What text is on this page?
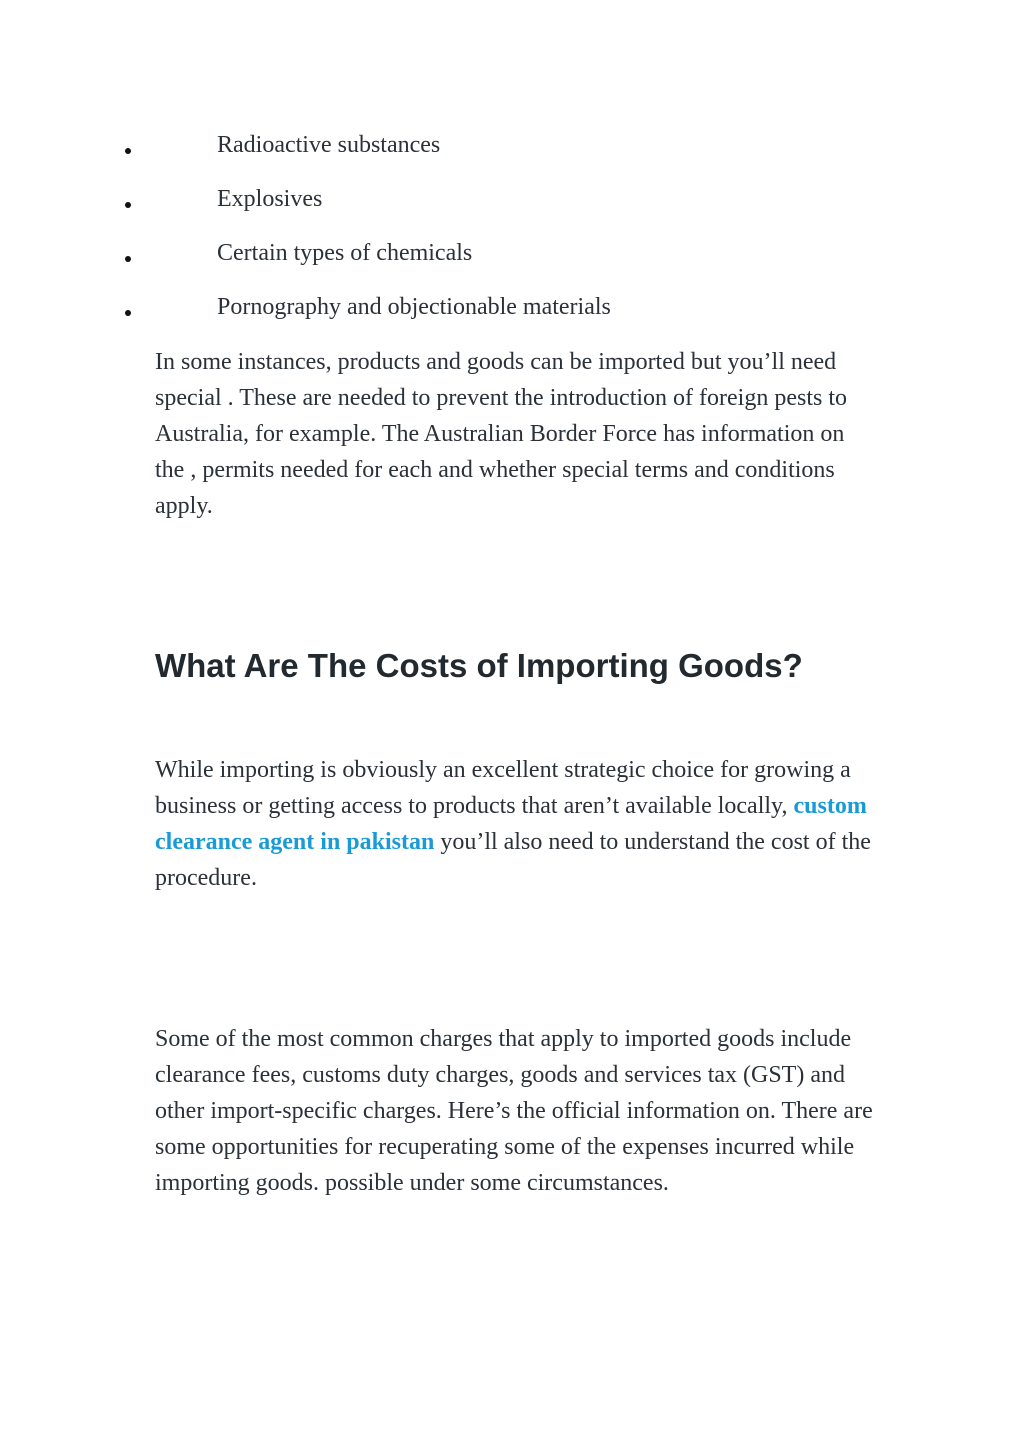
Radioactive substances
Explosives
Certain types of chemicals
Pornography and objectionable materials

In some instances, products and goods can be imported but you’ll need special . These are needed to prevent the introduction of foreign pests to Australia, for example. The Australian Border Force has information on the , permits needed for each and whether special terms and conditions apply.

What Are The Costs of Importing Goods?

While importing is obviously an excellent strategic choice for growing a business or getting access to products that aren’t available locally, custom clearance agent in pakistan you’ll also need to understand the cost of the procedure.

Some of the most common charges that apply to imported goods include clearance fees, customs duty charges, goods and services tax (GST) and other import-specific charges. Here’s the official information on. There are some opportunities for recuperating some of the expenses incurred while importing goods. possible under some circumstances.
